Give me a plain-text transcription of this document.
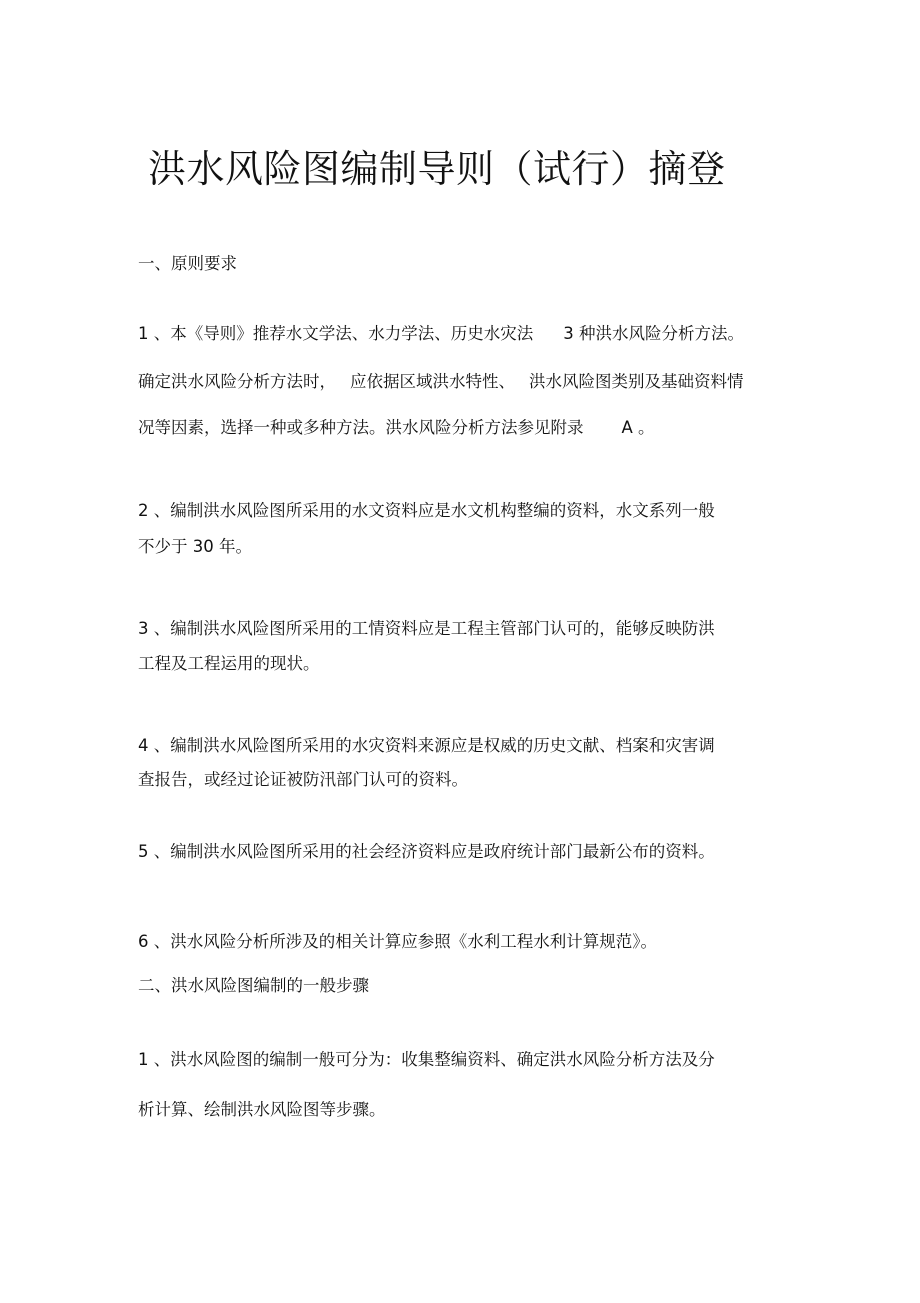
洪水风险图编制导则（试行）摘登
一、原则要求
1 、本《导则》推荐水文学法、水力学法、历史水灾法 3 种洪水风险分析方法。
确定洪水风险分析方法时， 应依据区域洪水特性、 洪水风险图类别及基础资料情
况等因素，选择一种或多种方法。洪水风险分析方法参见附录 A 。
2 、编制洪水风险图所采用的水文资料应是水文机构整编的资料，水文系列一般
不少于 30 年。
3 、编制洪水风险图所采用的工情资料应是工程主管部门认可的，能够反映防洪
工程及工程运用的现状。
4 、编制洪水风险图所采用的水灾资料来源应是权威的历史文献、档案和灾害调
查报告，或经过论证被防汛部门认可的资料。
5 、编制洪水风险图所采用的社会经济资料应是政府统计部门最新公布的资料。
6 、洪水风险分析所涉及的相关计算应参照《水利工程水利计算规范》。
二、洪水风险图编制的一般步骤
1 、洪水风险图的编制一般可分为：收集整编资料、确定洪水风险分析方法及分
析计算、绘制洪水风险图等步骤。
